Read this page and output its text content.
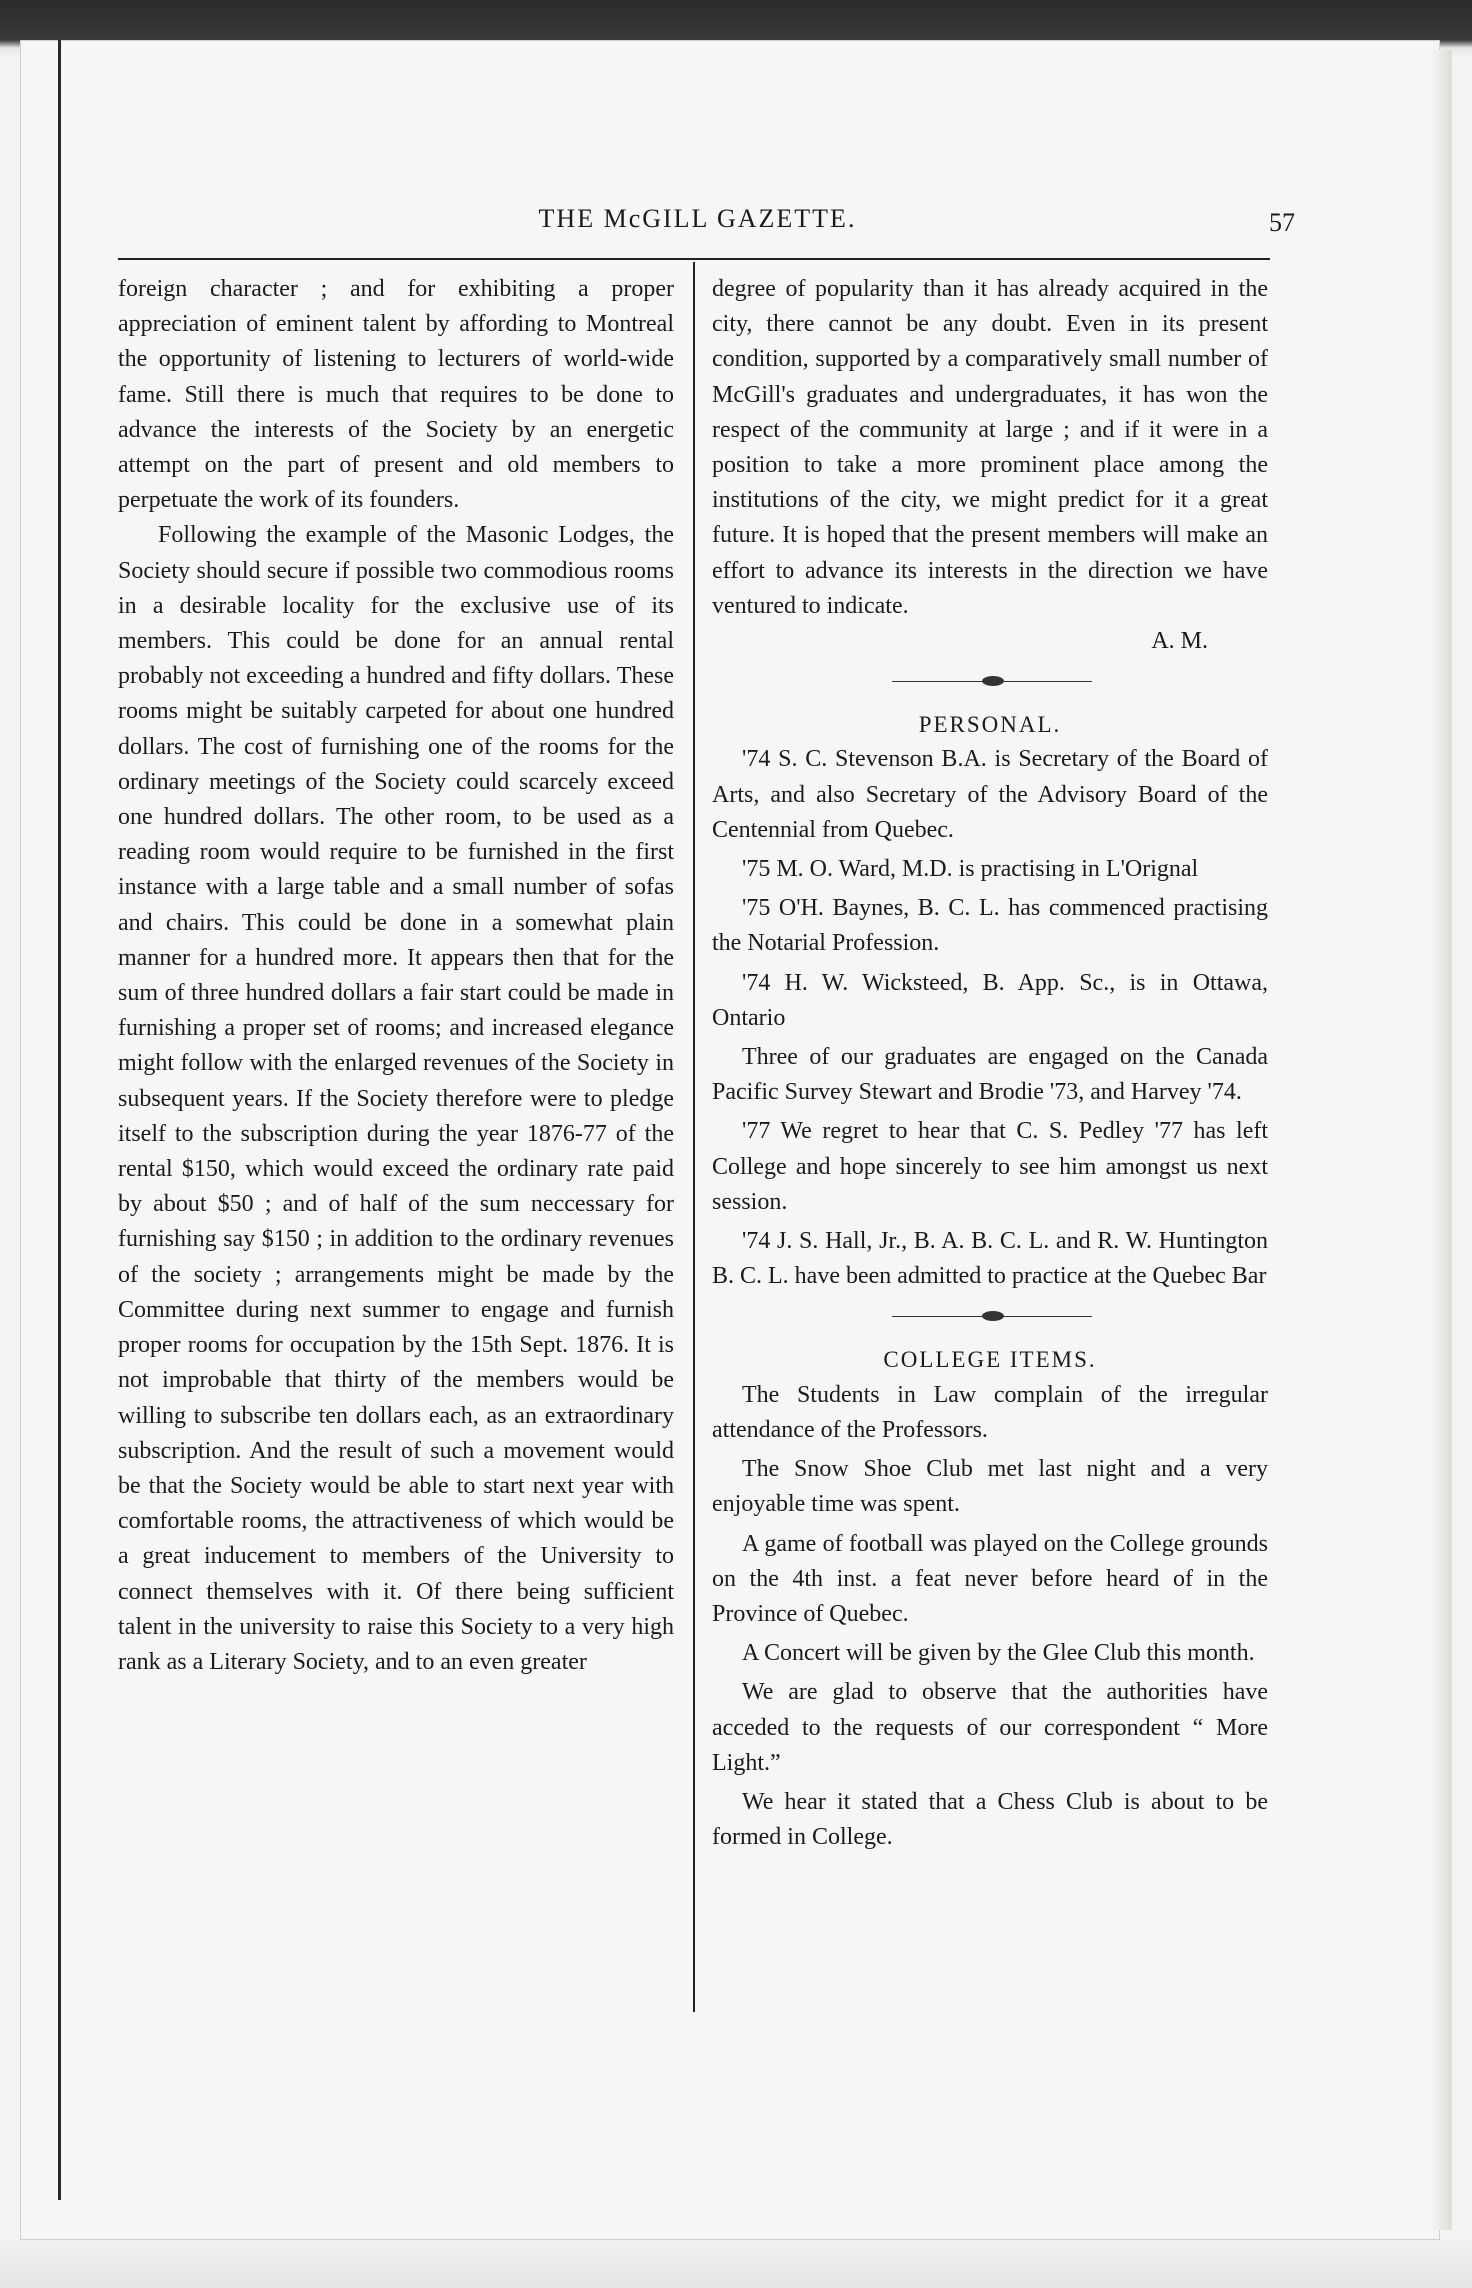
THE McGILL GAZETTE.	57

foreign character ; and for exhibiting a proper appreciation of eminent talent by affording to Montreal the opportunity of listening to lecturers of world-wide fame. Still there is much that requires to be done to advance the interests of the Society by an energetic attempt on the part of present and old members to perpetuate the work of its founders.

Following the example of the Masonic Lodges, the Society should secure if possible two commodious rooms in a desirable locality for the exclusive use of its members. This could be done for an annual rental probably not exceeding a hundred and fifty dollars. These rooms might be suitably carpeted for about one hundred dollars. The cost of furnishing one of the rooms for the ordinary meetings of the Society could scarcely exceed one hundred dollars. The other room, to be used as a reading room would require to be furnished in the first instance with a large table and a small number of sofas and chairs. This could be done in a somewhat plain manner for a hundred more. It appears then that for the sum of three hundred dollars a fair start could be made in furnishing a proper set of rooms; and increased elegance might follow with the enlarged revenues of the Society in subsequent years. If the Society therefore were to pledge itself to the subscription during the year 1876-77 of the rental $150, which would exceed the ordinary rate paid by about $50 ; and of half of the sum neccessary for furnishing say $150 ; in addition to the ordinary revenues of the society ; arrangements might be made by the Committee during next summer to engage and furnish proper rooms for occupation by the 15th Sept. 1876. It is not improbable that thirty of the members would be willing to subscribe ten dollars each, as an extraordinary subscription. And the result of such a movement would be that the Society would be able to start next year with comfortable rooms, the attractiveness of which would be a great inducement to members of the University to connect themselves with it. Of there being sufficient talent in the university to raise this Society to a very high rank as a Literary Society, and to an even greater

degree of popularity than it has already acquired in the city, there cannot be any doubt. Even in its present condition, supported by a comparatively small number of McGill's graduates and undergraduates, it has won the respect of the community at large ; and if it were in a position to take a more prominent place among the institutions of the city, we might predict for it a great future. It is hoped that the present members will make an effort to advance its interests in the direction we have ventured to indicate.

A. M.

PERSONAL.

'74 S. C. Stevenson B.A. is Secretary of the Board of Arts, and also Secretary of the Advisory Board of the Centennial from Quebec.

'75 M. O. Ward, M.D. is practising in L'Orignal

'75 O'H. Baynes, B. C. L. has commenced practising the Notarial Profession.

'74 H. W. Wicksteed, B. App. Sc., is in Ottawa, Ontario

Three of our graduates are engaged on the Canada Pacific Survey Stewart and Brodie '73, and Harvey '74.

'77 We regret to hear that C. S. Pedley '77 has left College and hope sincerely to see him amongst us next session.

'74 J. S. Hall, Jr., B. A. B. C. L. and R. W. Huntington B. C. L. have been admitted to practice at the Quebec Bar

COLLEGE ITEMS.

The Students in Law complain of the irregular attendance of the Professors.

The Snow Shoe Club met last night and a very enjoyable time was spent.

A game of football was played on the College grounds on the 4th inst. a feat never before heard of in the Province of Quebec.

A Concert will be given by the Glee Club this month.

We are glad to observe that the authorities have acceded to the requests of our correspondent “ More Light.”

We hear it stated that a Chess Club is about to be formed in College.
